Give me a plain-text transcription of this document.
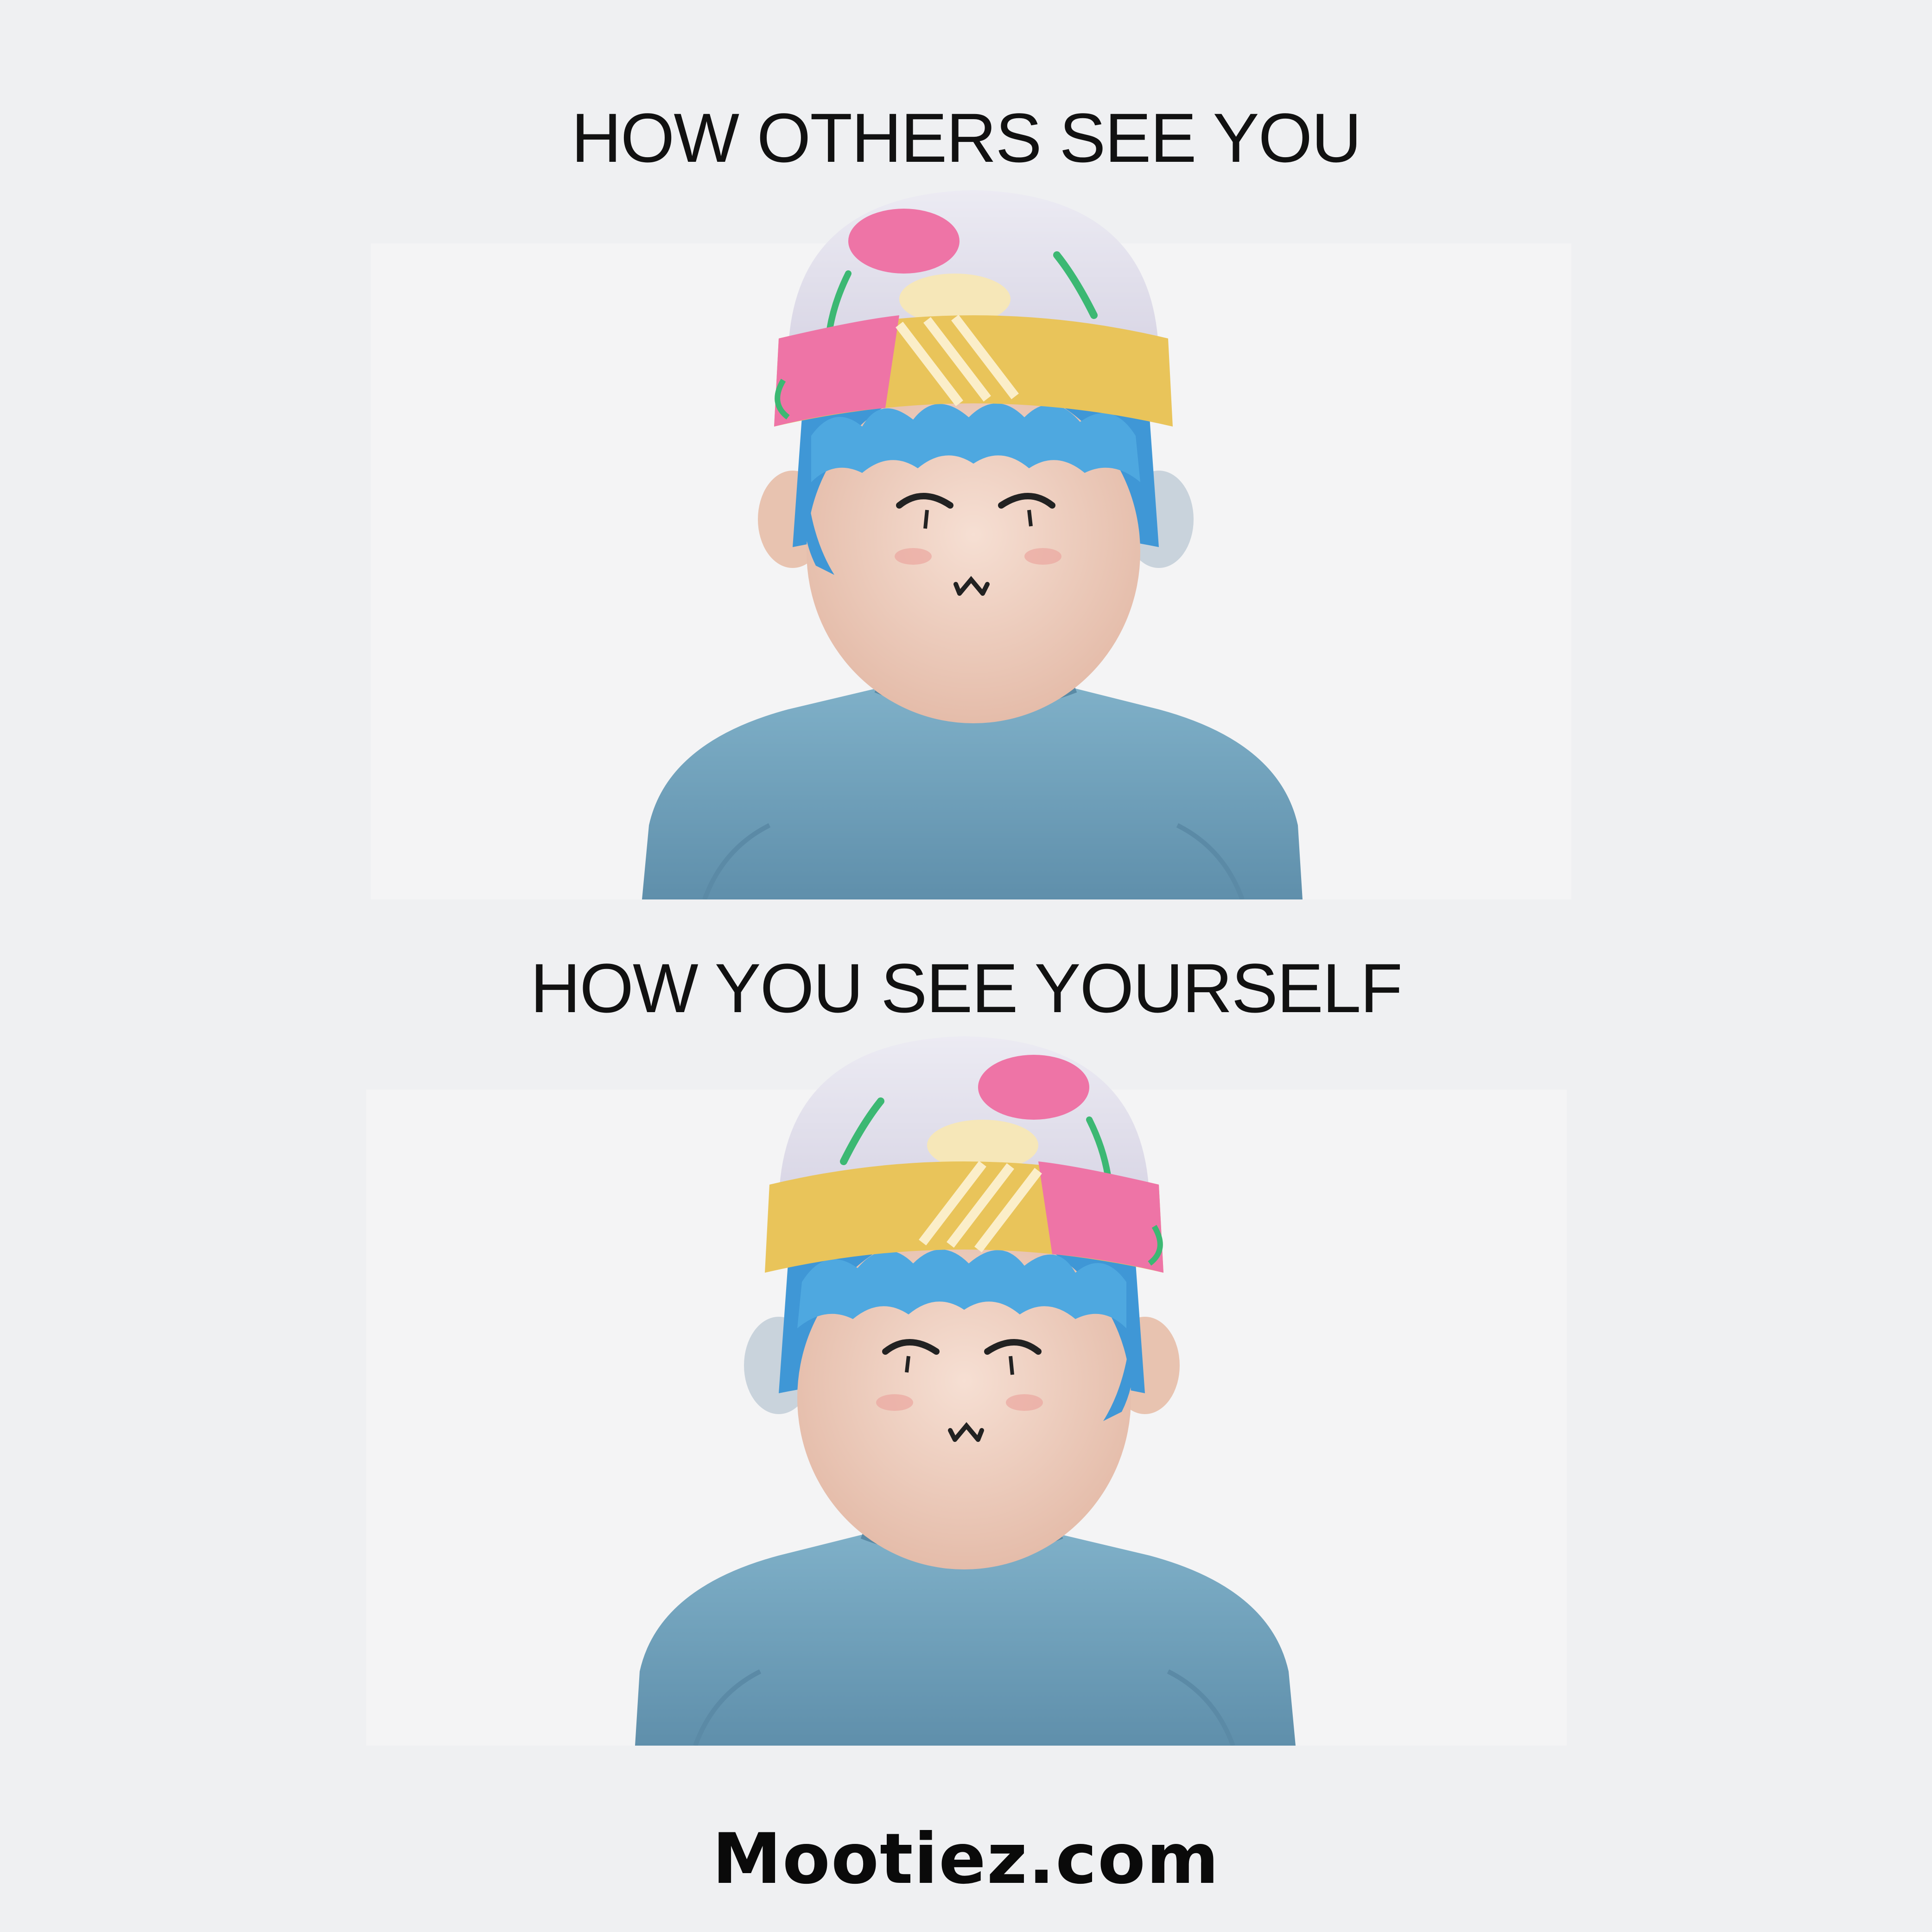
HOW OTHERS SEE YOU
HOW YOU SEE YOURSELF
Mootiez.com
